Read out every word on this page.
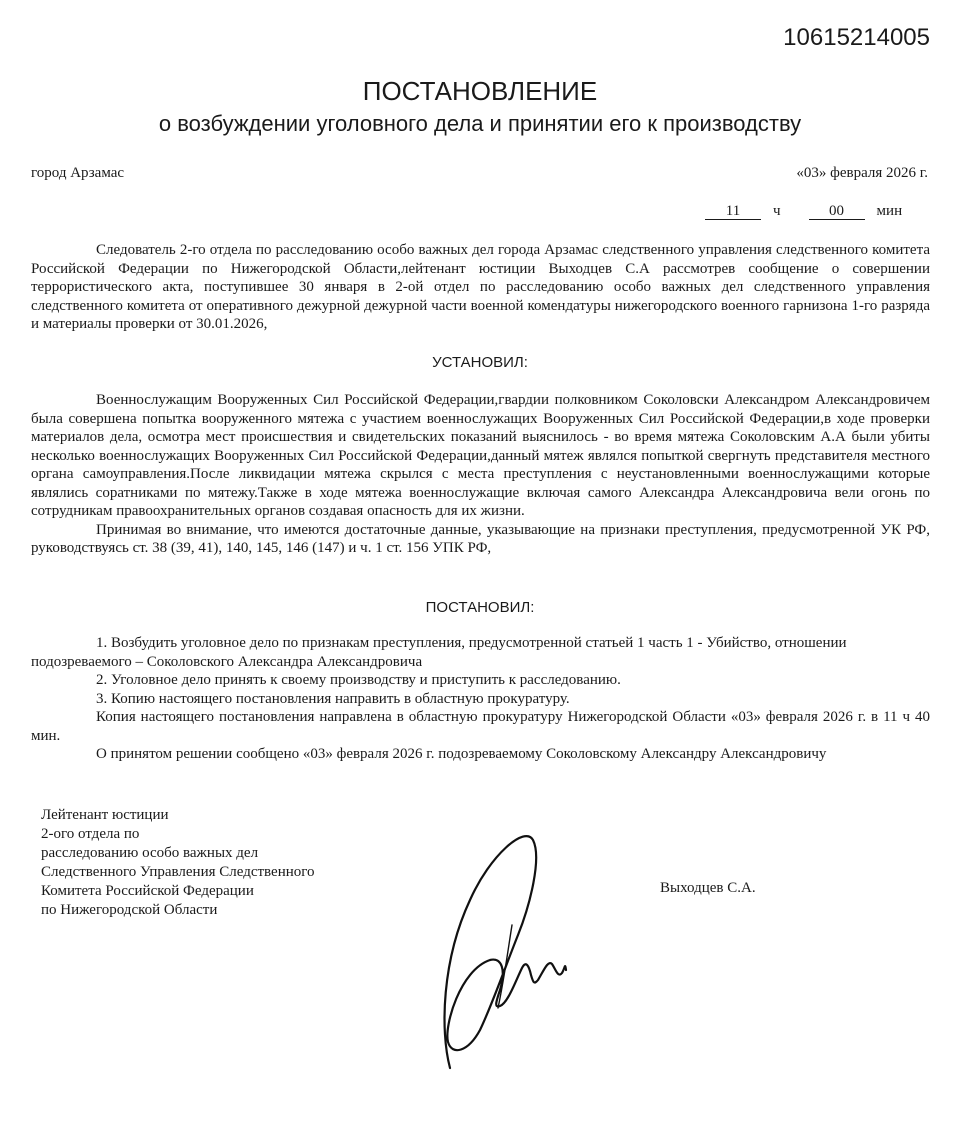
10615214005
ПОСТАНОВЛЕНИЕ
о возбуждении уголовного дела и принятии его к производству
город Арзамас	«03» февраля 2026 г.
11 ч	00 мин

Следователь 2-го отдела по расследованию особо важных дел города Арзамас следственного управления следственного комитета Российской Федерации по Нижегородской Области,лейтенант юстиции Выходцев С.А рассмотрев сообщение о совершении террористического акта, поступившее 30 января в 2-ой отдел по расследованию особо важных дел следственного управления следственного комитета от оперативного дежурной дежурной части военной комендатуры нижегородского военного гарнизона 1-го разряда и материалы проверки от 30.01.2026,

УСТАНОВИЛ:

Военнослужащим Вооруженных Сил Российской Федерации,гвардии полковником Соколовски Александром Александровичем была совершена попытка вооруженного мятежа с участием военнослужащих Вооруженных Сил Российской Федерации,в ходе проверки материалов дела, осмотра мест происшествия и свидетельских показаний выяснилось - во время мятежа Соколовским А.А были убиты несколько военнослужащих Вооруженных Сил Российской Федерации,данный мятеж являлся попыткой свергнуть представителя местного органа самоуправления.После ликвидации мятежа скрылся с места преступления с неустановленными военнослужащими которые являлись соратниками по мятежу.Также в ходе мятежа военнослужащие включая самого Александра Александровича вели огонь по сотрудникам правоохранительных органов создавая опасность для их жизни.

Принимая во внимание, что имеются достаточные данные, указывающие на признаки преступления, предусмотренной УК РФ, руководствуясь ст. 38 (39, 41), 140, 145, 146 (147) и ч. 1 ст. 156 УПК РФ,

ПОСТАНОВИЛ:

1. Возбудить уголовное дело по признакам преступления, предусмотренной статьей 1 часть 1 - Убийство, отношении подозреваемого – Соколовского Александра Александровича

2. Уголовное дело принять к своему производству и приступить к расследованию.

3. Копию настоящего постановления направить в областную прокуратуру.

Копия настоящего постановления направлена в областную прокуратуру Нижегородской Области «03» февраля 2026 г. в 11 ч 40 мин.

О принятом решении сообщено «03» февраля 2026 г. подозреваемому Соколовскому Александру Александровичу

Лейтенант юстиции
2-ого отдела по
расследованию особо важных дел
Следственного Управления Следственного
Комитета Российской Федерации
по Нижегородской Области
Выходцев С.А.
